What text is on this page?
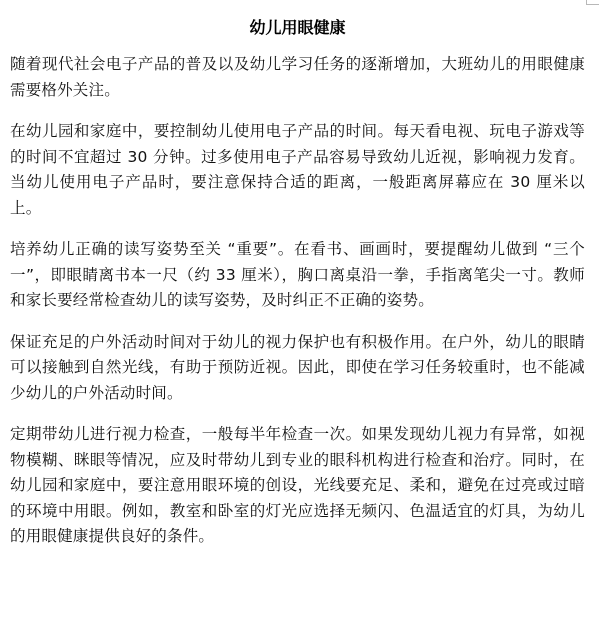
幼儿用眼健康

随着现代社会电子产品的普及以及幼儿学习任务的逐渐增加，大班幼儿的用眼健康需要格外关注。

在幼儿园和家庭中，要控制幼儿使用电子产品的时间。每天看电视、玩电子游戏等的时间不宜超过 30 分钟。过多使用电子产品容易导致幼儿近视，影响视力发育。当幼儿使用电子产品时，要注意保持合适的距离，一般距离屏幕应在 30 厘米以上。

培养幼儿正确的读写姿势至关 “重要”。在看书、画画时，要提醒幼儿做到 “三个一”，即眼睛离书本一尺（约 33 厘米），胸口离桌沿一拳，手指离笔尖一寸。教师和家长要经常检查幼儿的读写姿势，及时纠正不正确的姿势。

保证充足的户外活动时间对于幼儿的视力保护也有积极作用。在户外，幼儿的眼睛可以接触到自然光线，有助于预防近视。因此，即使在学习任务较重时，也不能减少幼儿的户外活动时间。

定期带幼儿进行视力检查，一般每半年检查一次。如果发现幼儿视力有异常，如视物模糊、眯眼等情况，应及时带幼儿到专业的眼科机构进行检查和治疗。同时，在幼儿园和家庭中，要注意用眼环境的创设，光线要充足、柔和，避免在过亮或过暗的环境中用眼。例如，教室和卧室的灯光应选择无频闪、色温适宜的灯具，为幼儿的用眼健康提供良好的条件。
